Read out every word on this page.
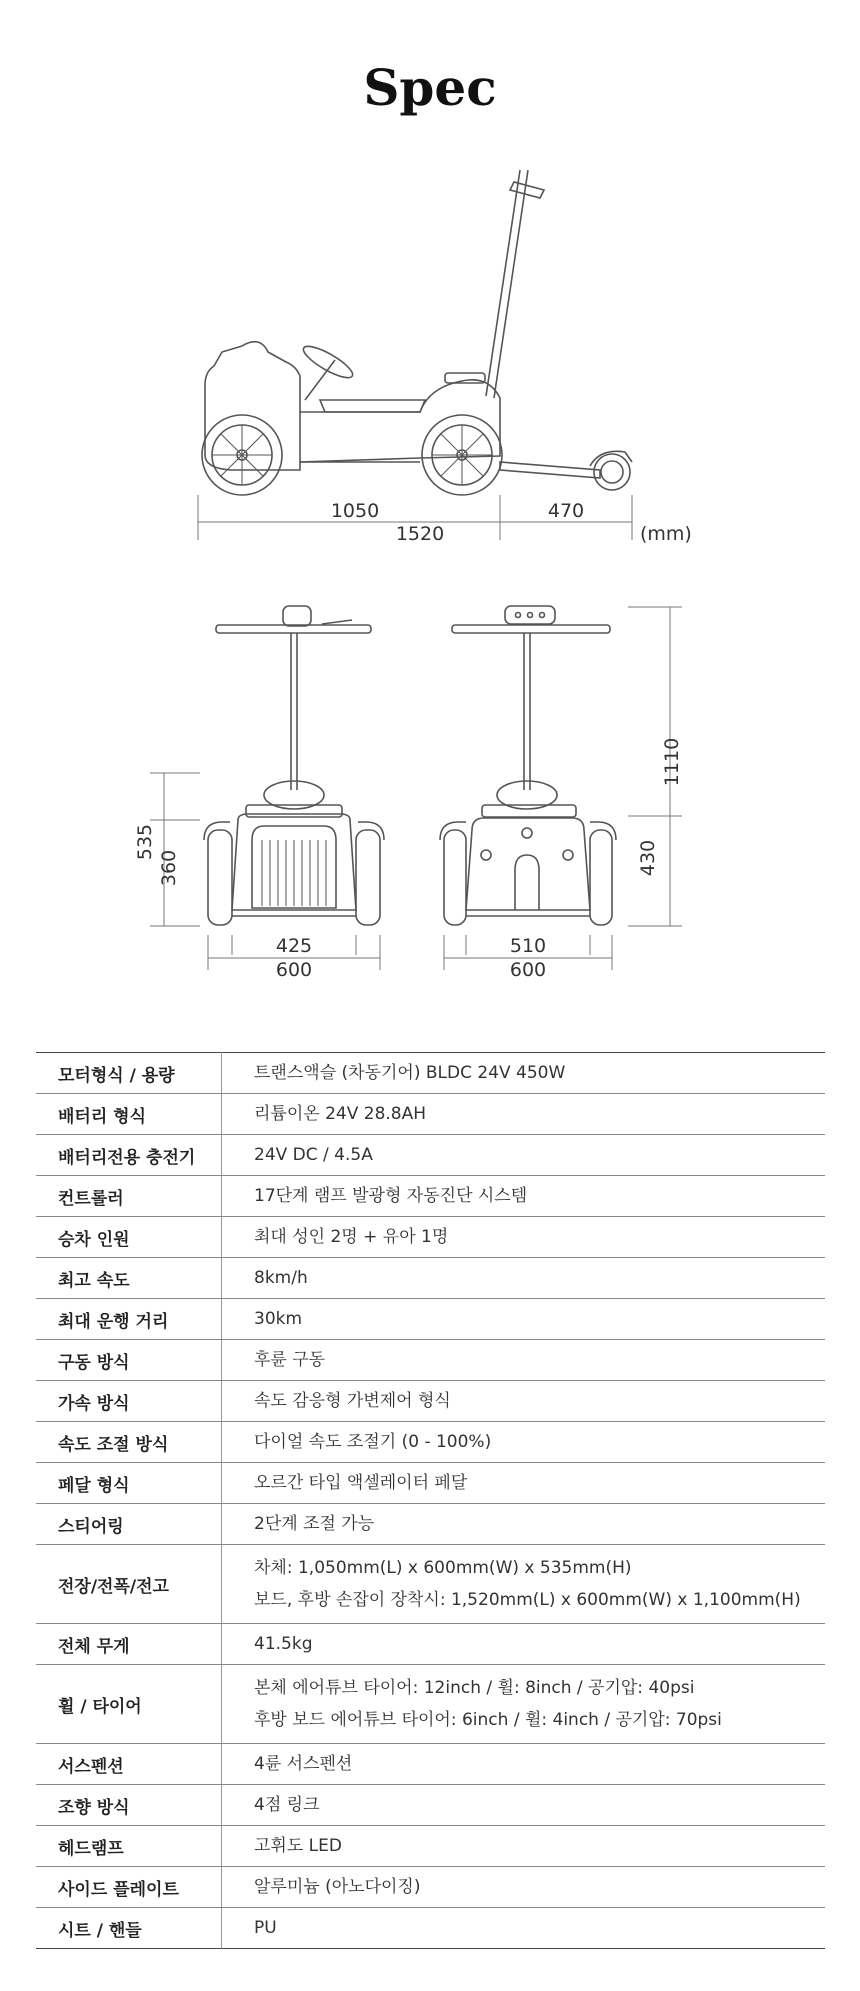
Spec
1050	470
1520	(mm)
535
360
425
600
1110
430
510
600
모터형식 / 용량	트랜스액슬 (차동기어) BLDC 24V 450W

배터리 형식	리튬이온 24V 28.8AH

배터리전용 충전기	24V DC / 4.5A

컨트롤러	17단계 램프 발광형 자동진단 시스템

승차 인원	최대 성인 2명 + 유아 1명

최고 속도	8km/h

최대 운행 거리	30km

구동 방식	후륜 구동

가속 방식	속도 감응형 가변제어 형식

속도 조절 방식	다이얼 속도 조절기 (0 - 100%)

페달 형식	오르간 타입 액셀레이터 페달

스티어링	2단계 조절 가능

전장/전폭/전고	차체: 1,050mm(L) x 600mm(W) x 535mm(H)
보드, 후방 손잡이 장착시: 1,520mm(L) x 600mm(W) x 1,100mm(H)

전체 무게	41.5kg

휠 / 타이어	본체 에어튜브 타이어: 12inch / 휠: 8inch / 공기압: 40psi
후방 보드 에어튜브 타이어: 6inch / 휠: 4inch / 공기압: 70psi

서스펜션	4륜 서스펜션

조향 방식	4점 링크

헤드램프	고휘도 LED

사이드 플레이트	알루미늄 (아노다이징)

시트 / 핸들	PU
